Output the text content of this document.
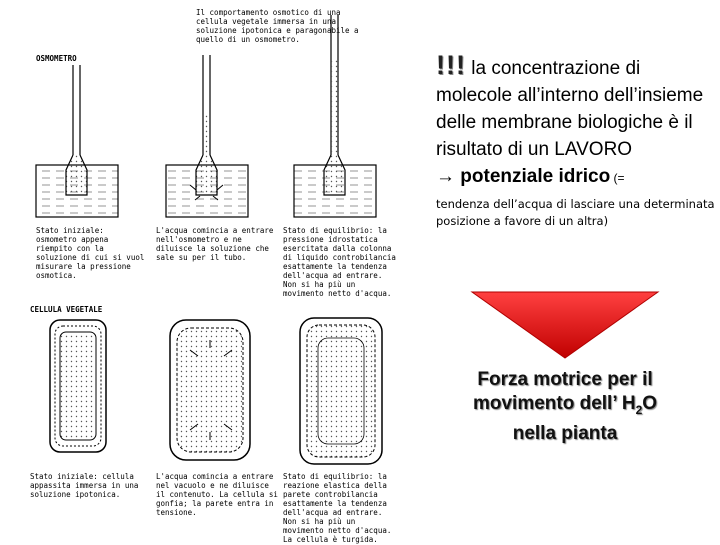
Il comportamento osmotico di una cellula vegetale immersa in una soluzione ipotonica e paragonabile a quello di un osmometro.
OSMOMETRO
CELLULA VEGETALE
Stato iniziale: osmometro appena riempito con la soluzione di cui si vuol misurare la pressione osmotica.
L'acqua comincia a entrare nell'osmometro e ne diluisce la soluzione che sale su per il tubo.
Stato di equilibrio: la pressione idrostatica esercitata dalla colonna di liquido controbilancia esattamente la tendenza dell'acqua ad entrare. Non si ha più un movimento netto d'acqua.
Stato iniziale: cellula appassita immersa in una soluzione ipotonica.
L'acqua comincia a entrare nel vacuolo e ne diluisce il contenuto. La cellula si gonfia; la parete entra in tensione.
Stato di equilibrio: la reazione elastica della parete controbilancia esattamente la tendenza dell'acqua ad entrare. Non si ha più un movimento netto d'acqua. La cellula è turgida.
!!! la concentrazione di molecole all’interno dell’insieme delle membrane biologiche è il risultato di un LAVORO
→ potenziale idrico (=
tendenza dell’acqua di lasciare una determinata posizione a favore di un altra)
Forza motrice per il
movimento dell’ $H_2O$
nella pianta
